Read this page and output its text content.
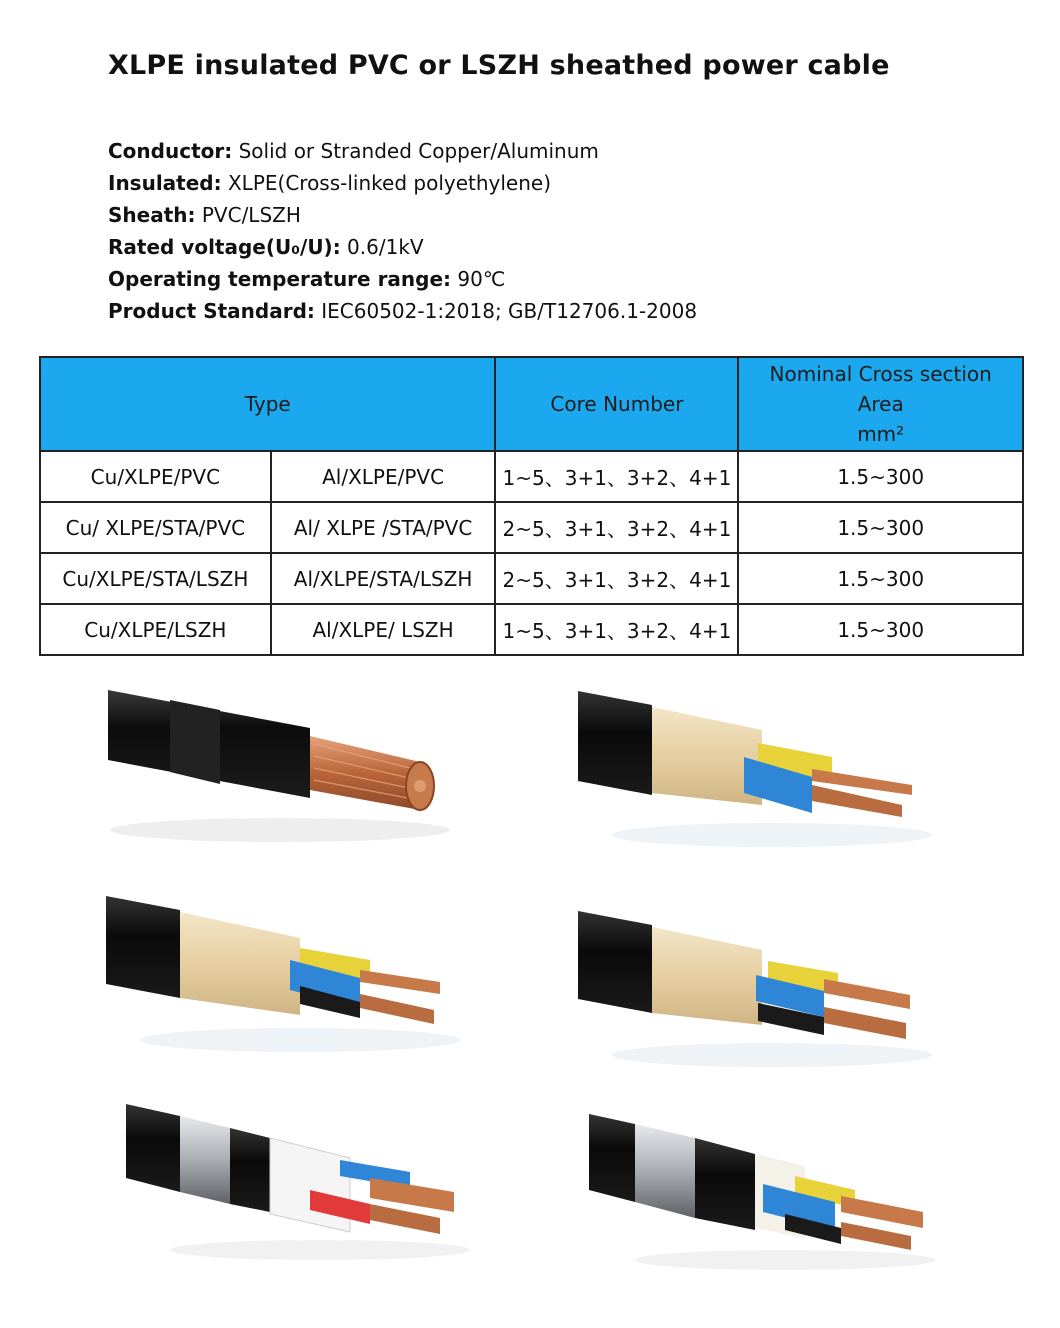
XLPE insulated PVC or LSZH sheathed power cable
Conductor: Solid or Stranded Copper/Aluminum
Insulated: XLPE(Cross-linked polyethylene)
Sheath: PVC/LSZH
Rated voltage(U₀/U): 0.6/1kV
Operating temperature range: 90℃
Product Standard: IEC60502-1:2018; GB/T12706.1-2008
Type		Core Number	Nominal Cross section
Area
mm²

Cu/XLPE/PVC	Al/XLPE/PVC	1~5、3+1、3+2、4+1	1.5~300
Cu/ XLPE/STA/PVC	Al/ XLPE /STA/PVC	2~5、3+1、3+2、4+1	1.5~300
Cu/XLPE/STA/LSZH	Al/XLPE/STA/LSZH	2~5、3+1、3+2、4+1	1.5~300
Cu/XLPE/LSZH	Al/XLPE/ LSZH	1~5、3+1、3+2、4+1	1.5~300
